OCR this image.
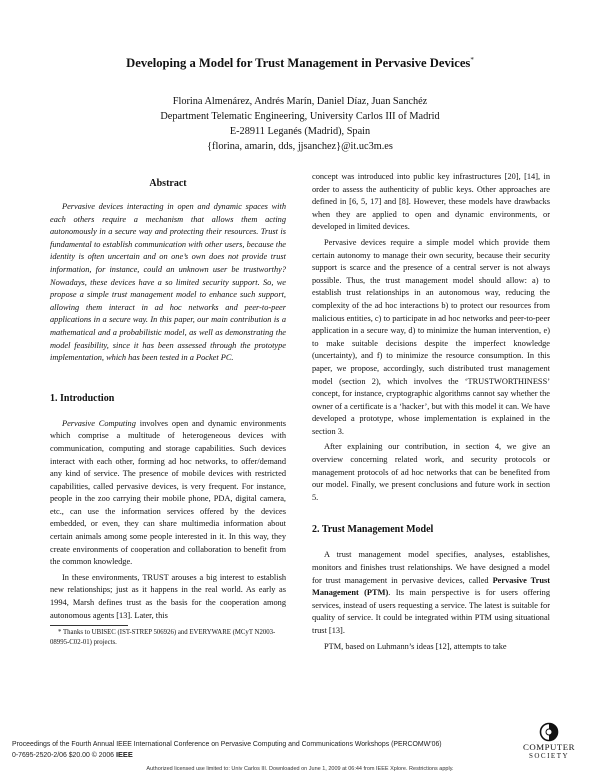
Developing a Model for Trust Management in Pervasive Devices*
Florina Almenárez, Andrés Marín, Daniel Díaz, Juan Sanchéz
Department Telematic Engineering, University Carlos III of Madrid
E-28911 Leganés (Madrid), Spain
{florina, amarin, dds, jjsanchez}@it.uc3m.es
Abstract

Pervasive devices interacting in open and dynamic spaces with each others require a mechanism that allows them acting autonomously in a secure way and protecting their resources. Trust is fundamental to establish communication with other users, because the identity is often uncertain and on one’s own does not provide trust information, for instance, could an unknown user be trustworthy? Nowadays, these devices have a so limited security support. So, we propose a simple trust management model to enhance such support, allowing them interact in ad hoc networks and peer-to-peer applications in a secure way. In this paper, our main contribution is a mathematical and a probabilistic model, as well as demonstrating the model feasibility, since it has been assessed through the prototype implementation, which has been tested in a Pocket PC.

1. Introduction

Pervasive Computing involves open and dynamic environments which comprise a multitude of heterogeneous devices with communication, computing and storage capabilities. Such devices interact with each other, forming ad hoc networks, to offer/demand any kind of service. The presence of mobile devices with restricted capabilities, called pervasive devices, is very frequent. For instance, people in the zoo carrying their mobile phone, PDA, digital camera, etc., can use the information services offered by the devices embedded, or even, they can share multimedia information about certain animals among some people interested in it. In this way, they create environments of cooperation and collaboration to benefit from the common knowledge.

In these environments, TRUST arouses a big interest to establish new relationships; just as it happens in the real world. As early as 1994, Marsh defines trust as the basis for the cooperation among autonomous agents [13]. Later, this

* Thanks to UBISEC (IST-STREP 506926) and EVERYWARE (MCyT N2003-08995-C02-01) projects.

concept was introduced into public key infrastructures [20], [14], in order to assess the authenticity of public keys. Other approaches are defined in [6, 5, 17] and [8]. However, these models have drawbacks when they are applied to open and dynamic environments, or developed in limited devices.

Pervasive devices require a simple model which provide them certain autonomy to manage their own security, because their security support is scarce and the presence of a central server is not always possible. Thus, the trust management model should allow: a) to establish trust relationships in an autonomous way, reducing the complexity of the ad hoc interactions b) to protect our resources from malicious entities, c) to participate in ad hoc networks and peer-to-peer application in a secure way, d) to minimize the human intervention, e) to make suitable decisions despite the imperfect knowledge (uncertainty), and f) to minimize the resource consumption. In this paper, we propose, accordingly, such distributed trust management model (section 2), which involves the ‘TRUSTWORTHINESS’ concept, for instance, cryptographic algorithms cannot say whether the owner of a certificate is a ‘hacker’, but with this model it can. We have developed a prototype, whose implementation is explained in the section 3.

After explaining our contribution, in section 4, we give an overview concerning related work, and security protocols or management protocols of ad hoc networks that can be benefited from our model. Finally, we present conclusions and future work in section 5.

2. Trust Management Model

A trust management model specifies, analyses, establishes, monitors and finishes trust relationships. We have designed a model for trust management in pervasive devices, called Pervasive Trust Management (PTM). Its main perspective is for users offering services, instead of users requesting a service. The latest is suitable for quality of service. It could be integrated within PTM using situational trust [13].

PTM, based on Luhmann’s ideas [12], attempts to take

Proceedings of the Fourth Annual IEEE International Conference on Pervasive Computing and Communications Workshops (PERCOMW’06)
0-7695-2520-2/06 $20.00 © 2006 IEEE
COMPUTER
SOCIETY
Authorized licensed use limited to: Univ Carlos III. Downloaded on June 1, 2009 at 06:44 from IEEE Xplore. Restrictions apply.
